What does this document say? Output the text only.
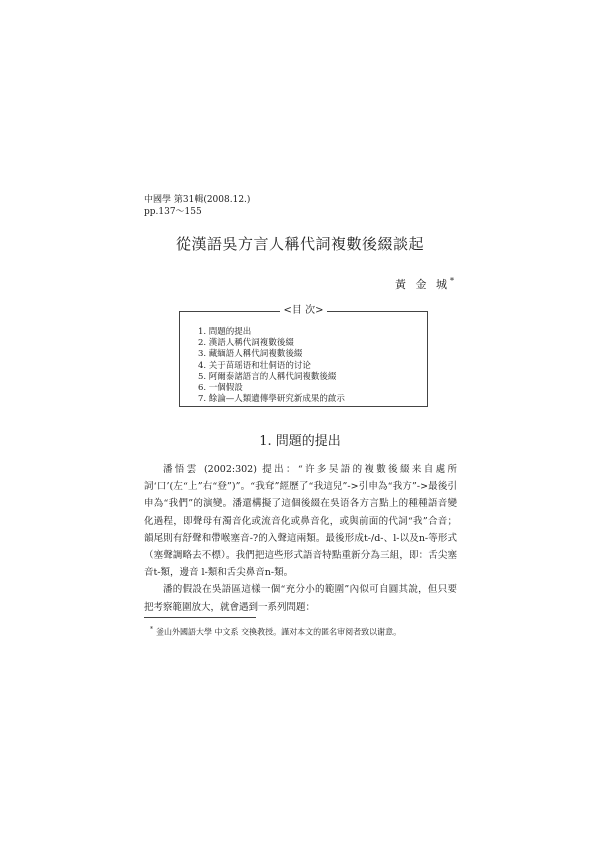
中國學 第31輯(2008.12.)
pp.137～155
從漢語吳方言人稱代詞複數後綴談起
黃 金 城*
<目 次>
1. 問題的提出
2. 漢語人稱代詞複數後綴
3. 藏緬語人稱代詞複數後綴
4. 关于苗瑶语和壮侗语的讨论
5. 阿爾泰諸語言的人稱代詞複數後綴
6. 一個假設
7. 餘論—人類遺傳學研究新成果的啟示
1. 問題的提出

潘悟雲 (2002:302) 提出：“许多吴語的複數後綴来自處所詞‘口’(左“上”右“登”)”。“我耷”經歷了“我這兒”->引申為“我方”->最後引申為“我們”的演變。潘還構擬了這個後綴在吳语各方言點上的種種語音變化過程，即聲母有濁音化或流音化或鼻音化，或與前面的代詞“我”合音；韻尾則有舒聲和帶喉塞音-?的入聲這兩類。最後形成t-/d-、l-以及n-等形式（塞聲調略去不標）。我們把這些形式語音特點重新分為三組，即：舌尖塞音t-類，邊音 l-類和舌尖鼻音n-類。

潘的假設在吳語區這樣一個“充分小的範圍”內似可自圓其說，但只要把考察範圍放大，就會遇到一系列問題：

* 釜山外國語大學 中文系 交換教授。謹对本文的匿名审阅者致以谢意。
